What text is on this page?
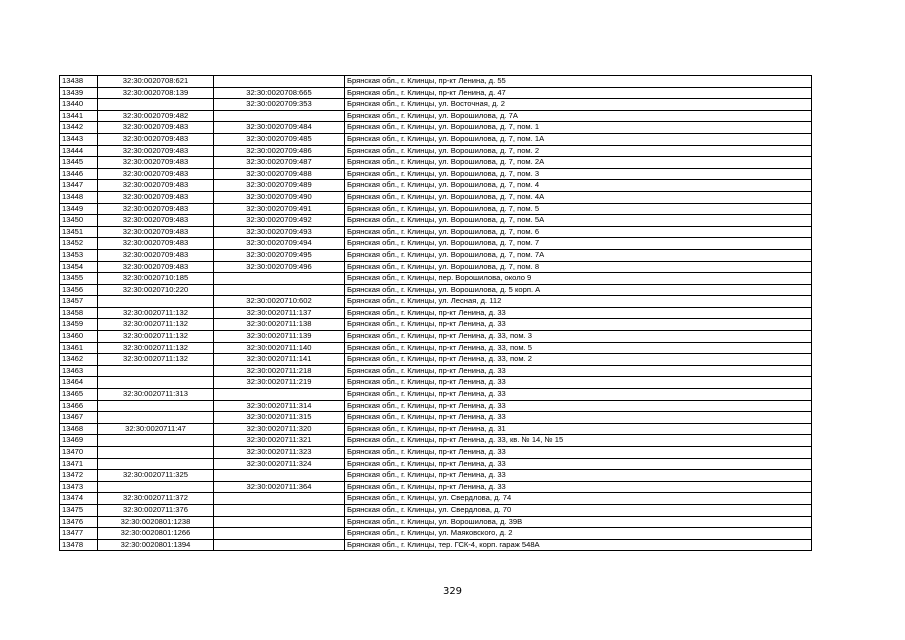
13438	32:30:0020708:621		Брянская обл., г. Клинцы, пр-кт Ленина, д. 55
13439	32:30:0020708:139	32:30:0020708:665	Брянская обл., г. Клинцы, пр-кт Ленина, д. 47
13440		32:30:0020709:353	Брянская обл., г. Клинцы, ул. Восточная, д. 2
13441	32:30:0020709:482		Брянская обл., г. Клинцы, ул. Ворошилова, д. 7А
13442	32:30:0020709:483	32:30:0020709:484	Брянская обл., г. Клинцы, ул. Ворошилова, д. 7, пом. 1
13443	32:30:0020709:483	32:30:0020709:485	Брянская обл., г. Клинцы, ул. Ворошилова, д. 7, пом. 1А
13444	32:30:0020709:483	32:30:0020709:486	Брянская обл., г. Клинцы, ул. Ворошилова, д. 7, пом. 2
13445	32:30:0020709:483	32:30:0020709:487	Брянская обл., г. Клинцы, ул. Ворошилова, д. 7, пом. 2А
13446	32:30:0020709:483	32:30:0020709:488	Брянская обл., г. Клинцы, ул. Ворошилова, д. 7, пом. 3
13447	32:30:0020709:483	32:30:0020709:489	Брянская обл., г. Клинцы, ул. Ворошилова, д. 7, пом. 4
13448	32:30:0020709:483	32:30:0020709:490	Брянская обл., г. Клинцы, ул. Ворошилова, д. 7, пом. 4А
13449	32:30:0020709:483	32:30:0020709:491	Брянская обл., г. Клинцы, ул. Ворошилова, д. 7, пом. 5
13450	32:30:0020709:483	32:30:0020709:492	Брянская обл., г. Клинцы, ул. Ворошилова, д. 7, пом. 5А
13451	32:30:0020709:483	32:30:0020709:493	Брянская обл., г. Клинцы, ул. Ворошилова, д. 7, пом. 6
13452	32:30:0020709:483	32:30:0020709:494	Брянская обл., г. Клинцы, ул. Ворошилова, д. 7, пом. 7
13453	32:30:0020709:483	32:30:0020709:495	Брянская обл., г. Клинцы, ул. Ворошилова, д. 7, пом. 7А
13454	32:30:0020709:483	32:30:0020709:496	Брянская обл., г. Клинцы, ул. Ворошилова, д. 7, пом. 8
13455	32:30:0020710:185		Брянская обл., г. Клинцы, пер. Ворошилова, около 9
13456	32:30:0020710:220		Брянская обл., г. Клинцы, ул. Ворошилова, д. 5 корп. А
13457		32:30:0020710:602	Брянская обл., г. Клинцы, ул. Лесная, д. 112
13458	32:30:0020711:132	32:30:0020711:137	Брянская обл., г. Клинцы, пр-кт Ленина, д. 33
13459	32:30:0020711:132	32:30:0020711:138	Брянская обл., г. Клинцы, пр-кт Ленина, д. 33
13460	32:30:0020711:132	32:30:0020711:139	Брянская обл., г. Клинцы, пр-кт Ленина, д. 33, пом. 3
13461	32:30:0020711:132	32:30:0020711:140	Брянская обл., г. Клинцы, пр-кт Ленина, д. 33, пом. 5
13462	32:30:0020711:132	32:30:0020711:141	Брянская обл., г. Клинцы, пр-кт Ленина, д. 33, пом. 2
13463		32:30:0020711:218	Брянская обл., г. Клинцы, пр-кт Ленина, д. 33
13464		32:30:0020711:219	Брянская обл., г. Клинцы, пр-кт Ленина, д. 33
13465	32:30:0020711:313		Брянская обл., г. Клинцы, пр-кт Ленина, д. 33
13466		32:30:0020711:314	Брянская обл., г. Клинцы, пр-кт Ленина, д. 33
13467		32:30:0020711:315	Брянская обл., г. Клинцы, пр-кт Ленина, д. 33
13468	32:30:0020711:47	32:30:0020711:320	Брянская обл., г. Клинцы, пр-кт Ленина, д. 31
13469		32:30:0020711:321	Брянская обл., г. Клинцы, пр-кт Ленина, д. 33, кв. № 14, № 15
13470		32:30:0020711:323	Брянская обл., г. Клинцы, пр-кт Ленина, д. 33
13471		32:30:0020711:324	Брянская обл., г. Клинцы, пр-кт Ленина, д. 33
13472	32:30:0020711:325		Брянская обл., г. Клинцы, пр-кт Ленина, д. 33
13473		32:30:0020711:364	Брянская обл., г. Клинцы, пр-кт Ленина, д. 33
13474	32:30:0020711:372		Брянская обл., г. Клинцы, ул. Свердлова, д. 74
13475	32:30:0020711:376		Брянская обл., г. Клинцы, ул. Свердлова, д. 70
13476	32:30:0020801:1238		Брянская обл., г. Клинцы, ул. Ворошилова, д. 39В
13477	32:30:0020801:1266		Брянская обл., г. Клинцы, ул. Маяковского, д. 2
13478	32:30:0020801:1394		Брянская обл., г. Клинцы, тер. ГСК-4, корп. гараж 548А
329
